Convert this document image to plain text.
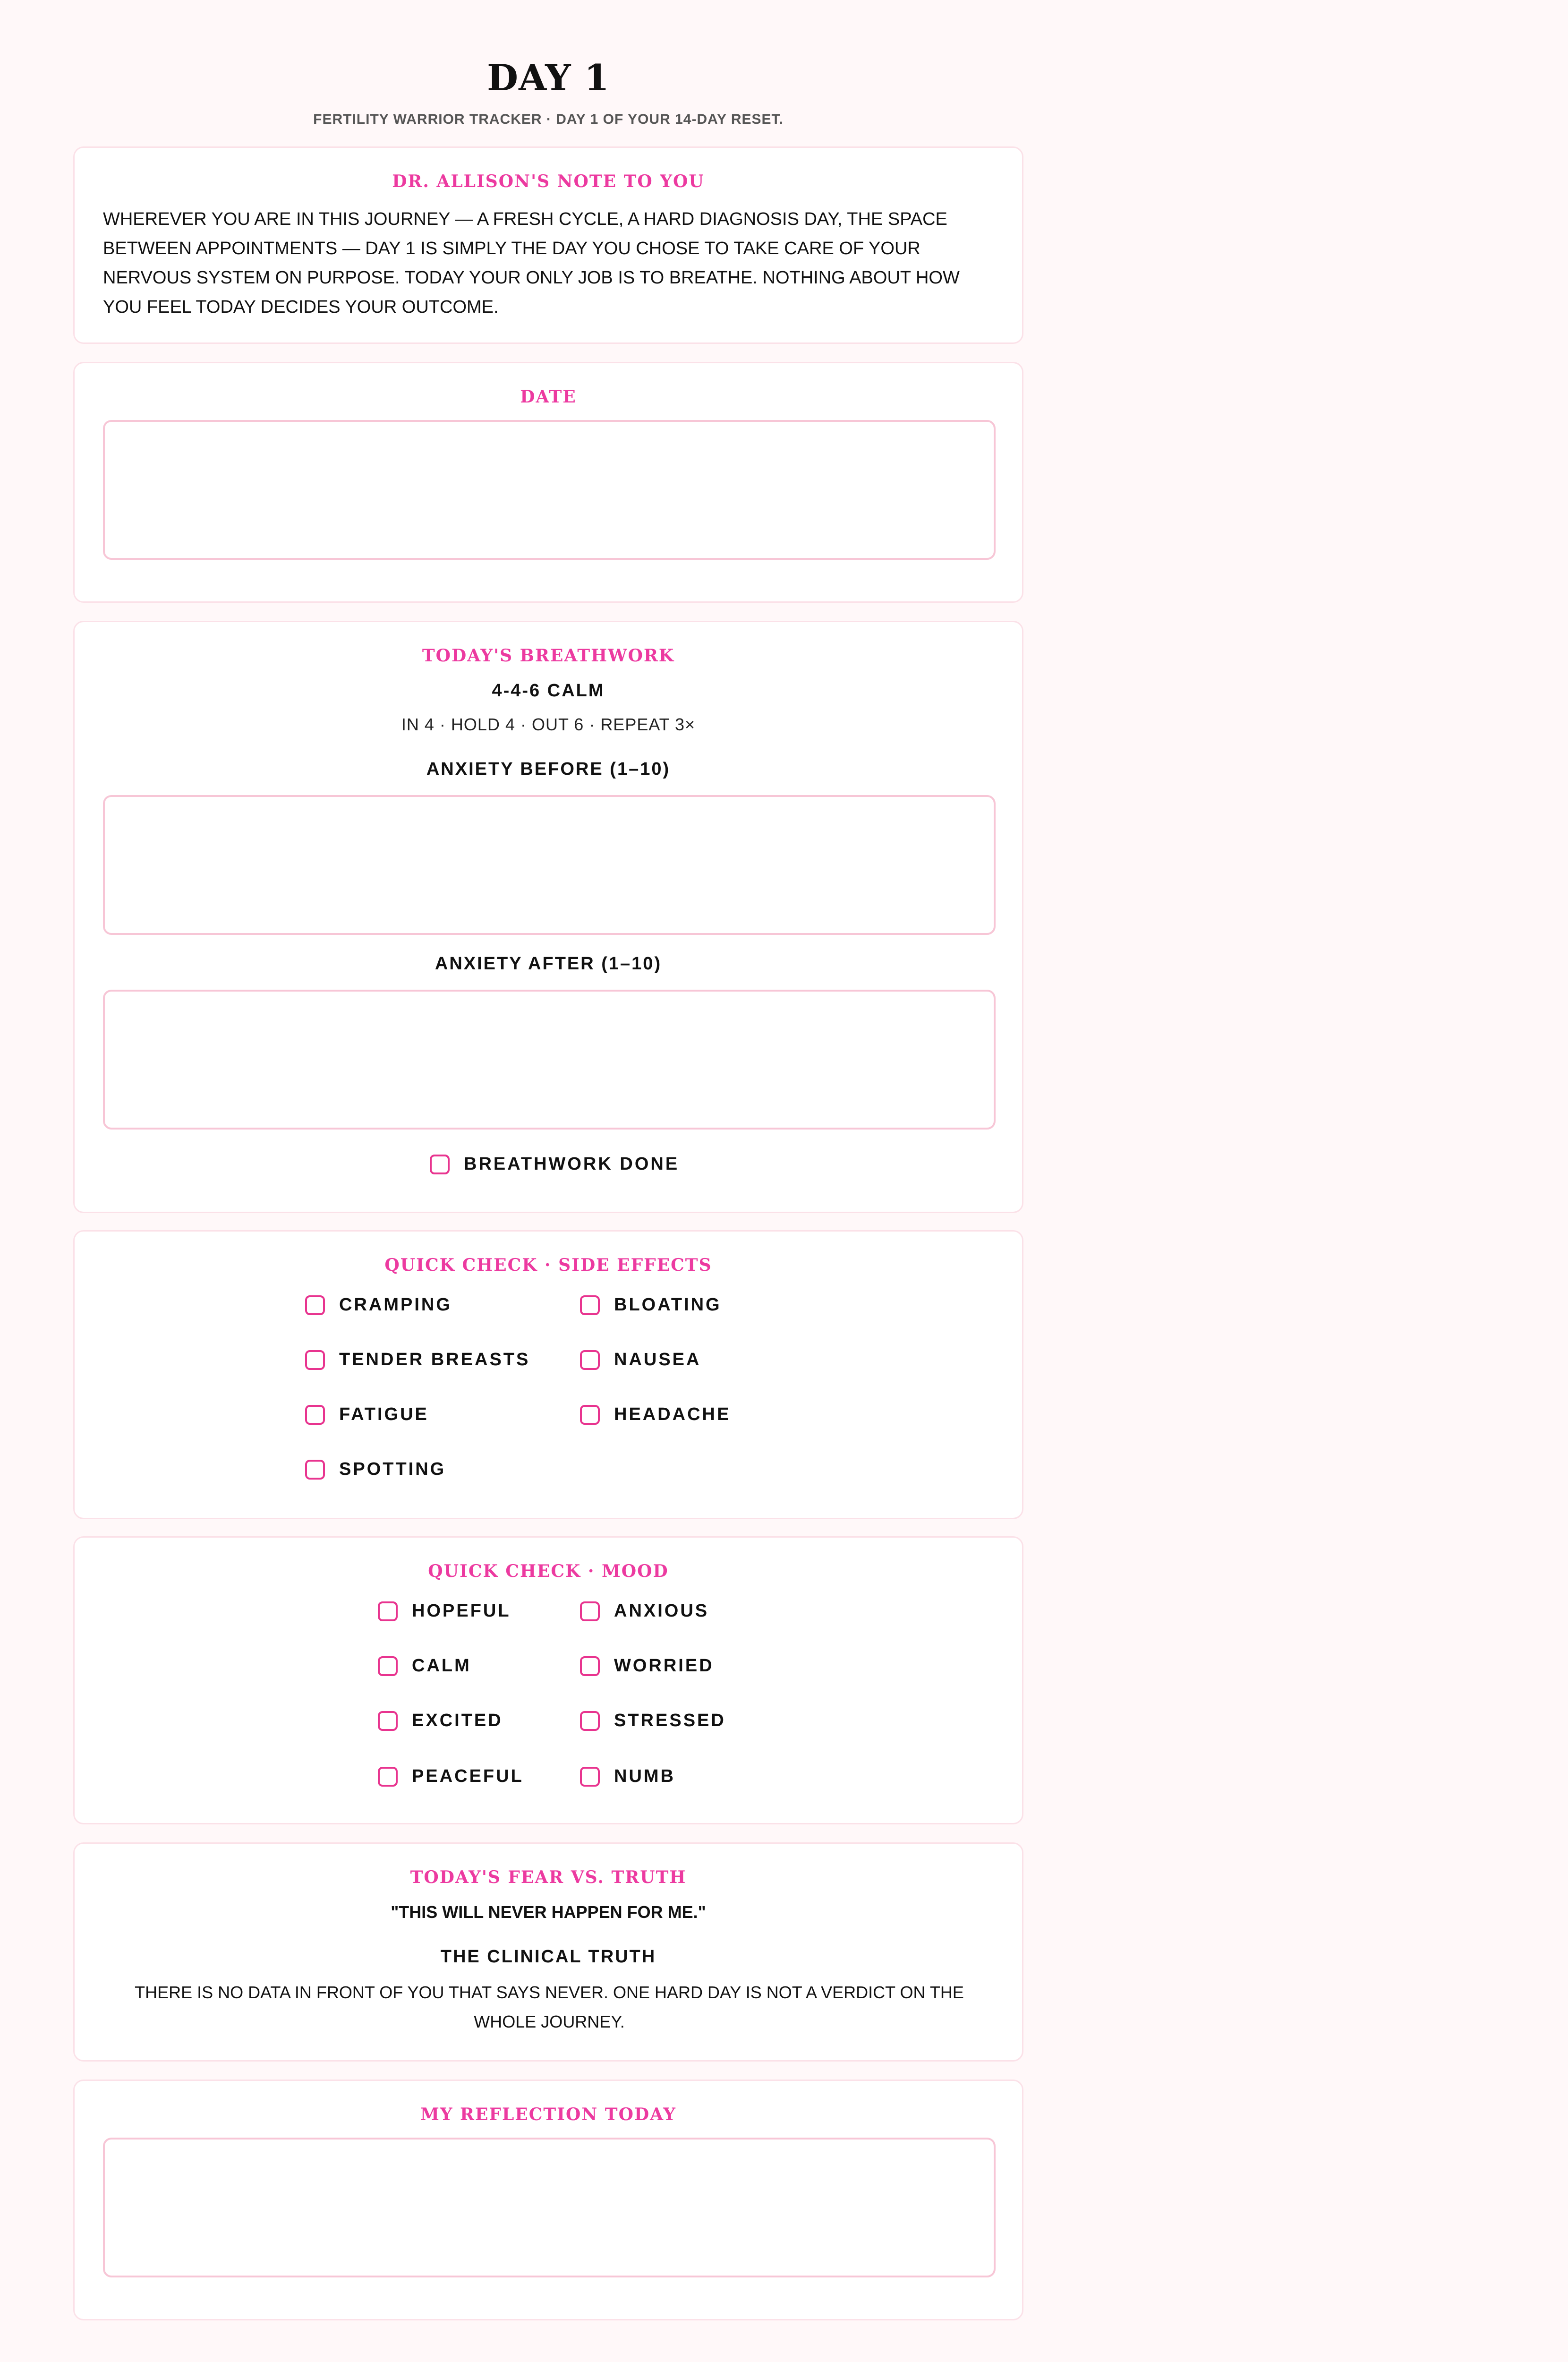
DAY 1
FERTILITY WARRIOR TRACKER · DAY 1 OF YOUR 14-DAY RESET.
DR. ALLISON'S NOTE TO YOU
WHEREVER YOU ARE IN THIS JOURNEY — A FRESH CYCLE, A HARD DIAGNOSIS DAY, THE SPACE BETWEEN APPOINTMENTS — DAY 1 IS SIMPLY THE DAY YOU CHOSE TO TAKE CARE OF YOUR NERVOUS SYSTEM ON PURPOSE. TODAY YOUR ONLY JOB IS TO BREATHE. NOTHING ABOUT HOW YOU FEEL TODAY DECIDES YOUR OUTCOME.
DATE
TODAY'S BREATHWORK
4-4-6 CALM
IN 4 · HOLD 4 · OUT 6 · REPEAT 3×
ANXIETY BEFORE (1–10)
ANXIETY AFTER (1–10)
BREATHWORK DONE
QUICK CHECK · SIDE EFFECTS
CRAMPING	BLOATING
TENDER BREASTS	NAUSEA
FATIGUE	HEADACHE
SPOTTING
QUICK CHECK · MOOD
HOPEFUL	ANXIOUS
CALM	WORRIED
EXCITED	STRESSED
PEACEFUL	NUMB
TODAY'S FEAR VS. TRUTH
"THIS WILL NEVER HAPPEN FOR ME."
THE CLINICAL TRUTH
THERE IS NO DATA IN FRONT OF YOU THAT SAYS NEVER. ONE HARD DAY IS NOT A VERDICT ON THE WHOLE JOURNEY.
MY REFLECTION TODAY
